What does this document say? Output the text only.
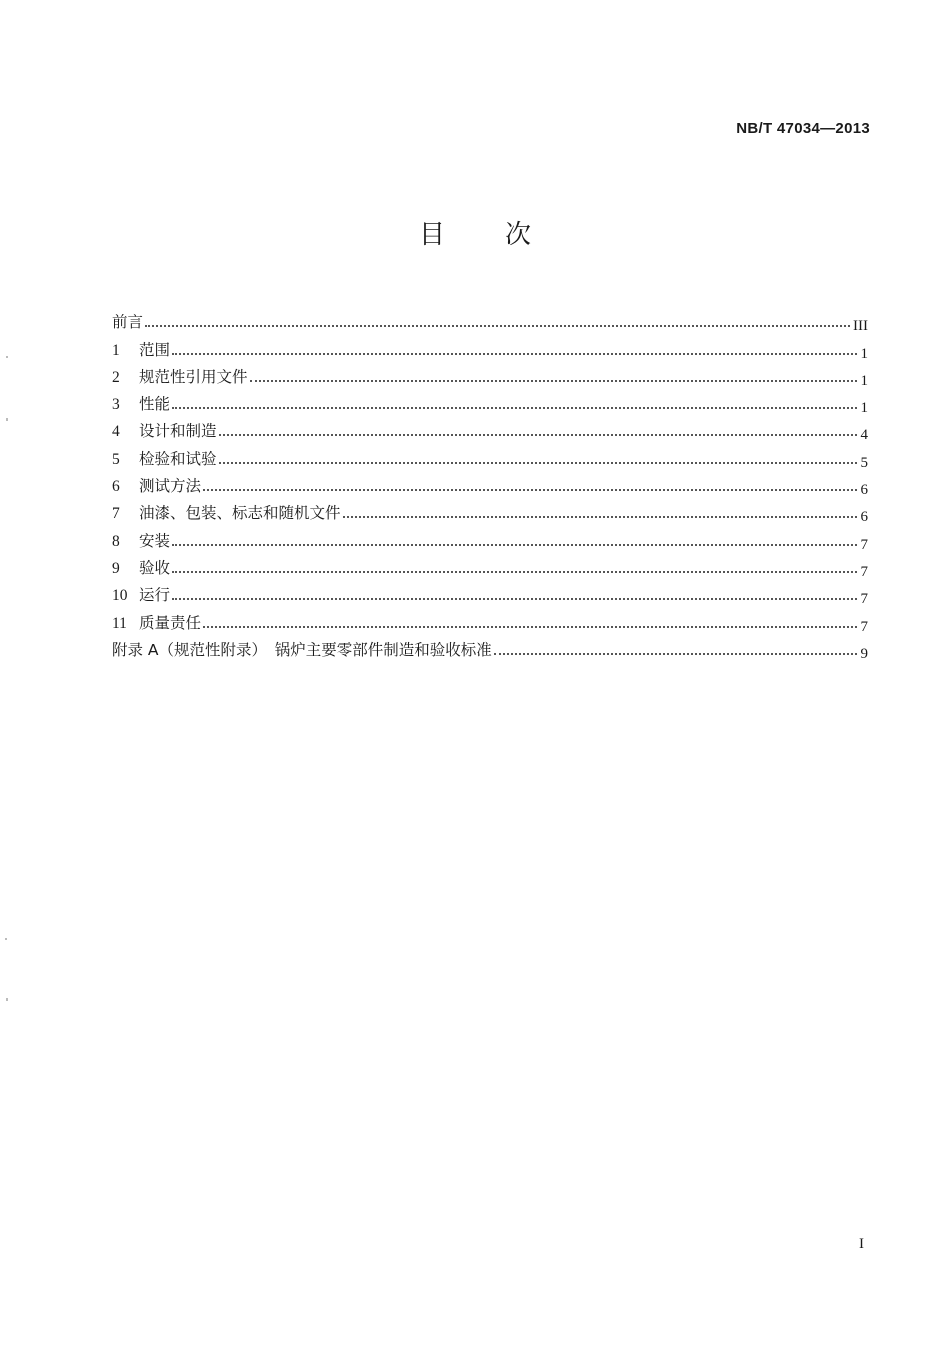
NB/T 47034—2013
目次
前言	III
1	范围	1
2	规范性引用文件	1
3	性能	1
4	设计和制造	4
5	检验和试验	5
6	测试方法	6
7	油漆、包装、标志和随机文件	6
8	安装	7
9	验收	7
10 运行	7
11 质量责任	7
附录 A（规范性附录）　锅炉主要零部件制造和验收标准	9
I
